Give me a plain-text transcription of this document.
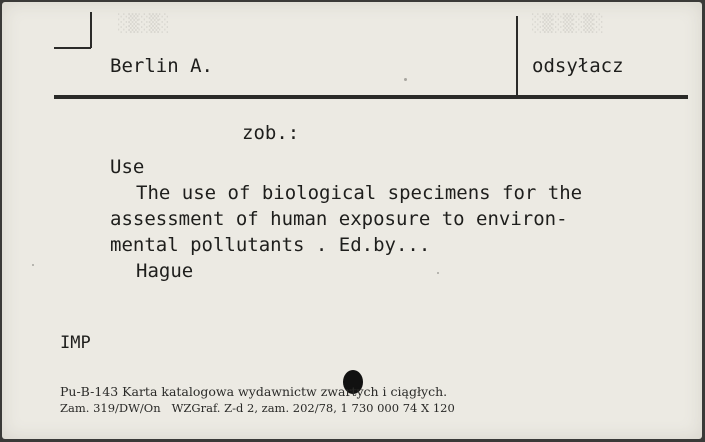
░▒░▒░	░▒░▒░▒░
Berlin A.	odsyłacz
zob.:
Use
The use of biological specimens for the
assessment of human exposure to environ-
mental pollutants . Ed.by...
Hague
IMP
Pu-B-143 Karta katalogowa wydawnictw zwartych i ciągłych.
Zam. 319/DW/On   WZGraf. Z-d 2, zam. 202/78, 1 730 000 74 X 120
